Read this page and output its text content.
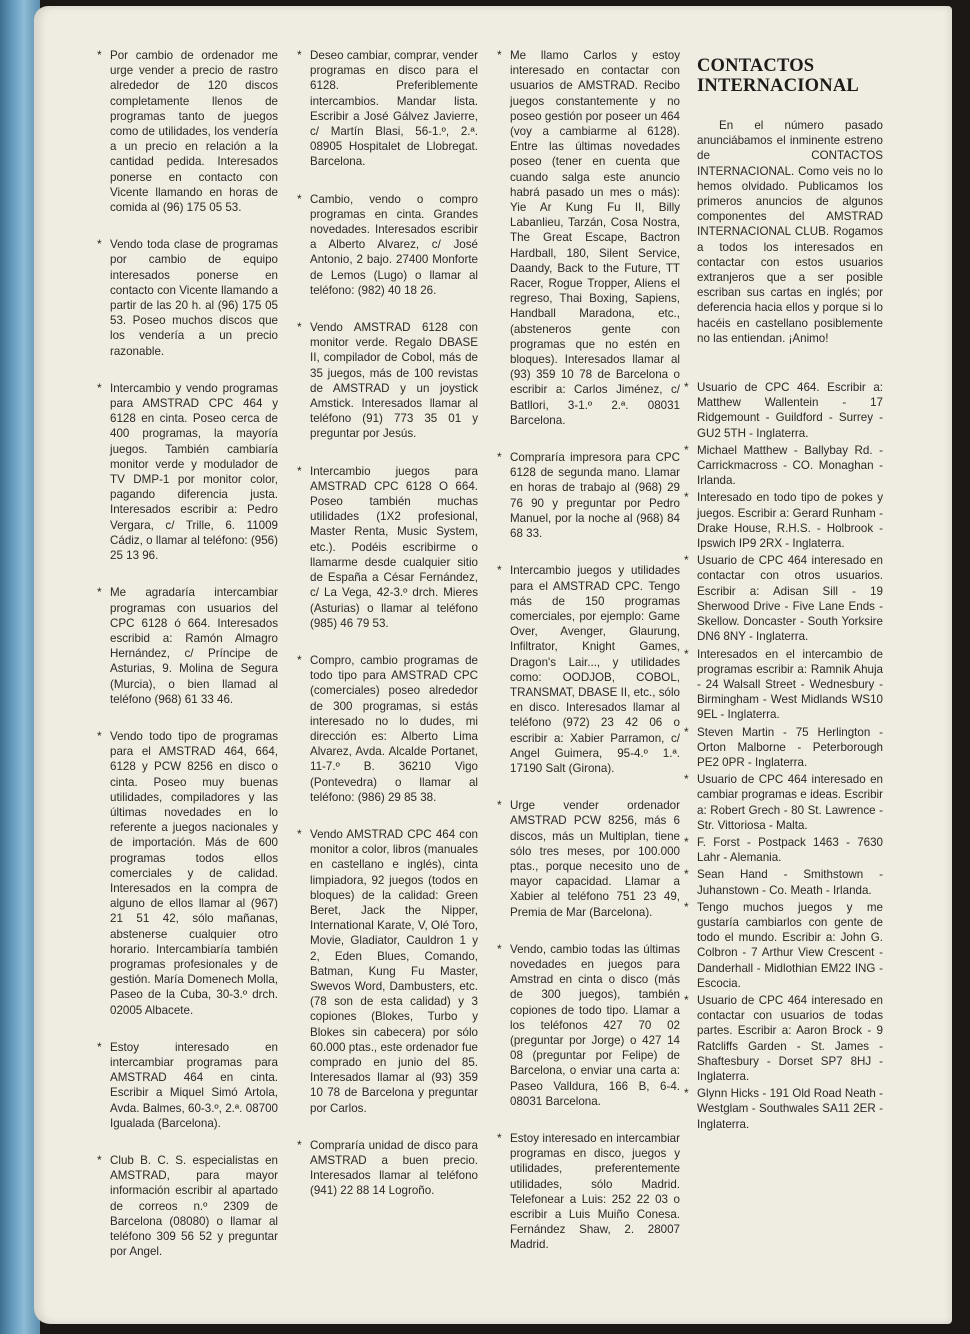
* Por cambio de ordenador me urge vender a precio de rastro alrededor de 120 discos completamente llenos de programas tanto de juegos como de utilidades, los vendería a un precio en relación a la cantidad pedida. Interesados ponerse en contacto con Vicente llamando en horas de comida al (96) 175 05 53.
* Vendo toda clase de programas por cambio de equipo interesados ponerse en contacto con Vicente llamando a partir de las 20 h. al (96) 175 05 53. Poseo muchos discos que los vendería a un precio razonable.
* Intercambio y vendo programas para AMSTRAD CPC 464 y 6128 en cinta. Poseo cerca de 400 programas, la mayoría juegos. También cambiaría monitor verde y modulador de TV DMP-1 por monitor color, pagando diferencia justa. Interesados escribir a: Pedro Vergara, c/ Trille, 6. 11009 Cádiz, o llamar al teléfono: (956) 25 13 96.
* Me agradaría intercambiar programas con usuarios del CPC 6128 ó 664. Interesados escribid a: Ramón Almagro Hernández, c/ Príncipe de Asturias, 9. Molina de Segura (Murcia), o bien llamad al teléfono (968) 61 33 46.
* Vendo todo tipo de programas para el AMSTRAD 464, 664, 6128 y PCW 8256 en disco o cinta. Poseo muy buenas utilidades, compiladores y las últimas novedades en lo referente a juegos nacionales y de importación. Más de 600 programas todos ellos comerciales y de calidad. Interesados en la compra de alguno de ellos llamar al (967) 21 51 42, sólo mañanas, abstenerse cualquier otro horario. Intercambiaría también programas profesionales y de gestión. María Domenech Molla, Paseo de la Cuba, 30-3.º drch. 02005 Albacete.
* Estoy interesado en intercambiar programas para AMSTRAD 464 en cinta. Escribir a Miquel Simó Artola, Avda. Balmes, 60-3.º, 2.ª. 08700 Igualada (Barcelona).
* Club B. C. S. especialistas en AMSTRAD, para mayor información escribir al apartado de correos n.º 2309 de Barcelona (08080) o llamar al teléfono 309 56 52 y preguntar por Angel.
* Deseo cambiar, comprar, vender programas en disco para el 6128. Preferiblemente intercambios. Mandar lista. Escribir a José Gálvez Javierre, c/ Martín Blasi, 56-1.º, 2.ª. 08905 Hospitalet de Llobregat. Barcelona.
* Cambio, vendo o compro programas en cinta. Grandes novedades. Interesados escribir a Alberto Alvarez, c/ José Antonio, 2 bajo. 27400 Monforte de Lemos (Lugo) o llamar al teléfono: (982) 40 18 26.
* Vendo AMSTRAD 6128 con monitor verde. Regalo DBASE II, compilador de Cobol, más de 35 juegos, más de 100 revistas de AMSTRAD y un joystick Amstick. Interesados llamar al teléfono (91) 773 35 01 y preguntar por Jesús.
* Intercambio juegos para AMSTRAD CPC 6128 O 664. Poseo también muchas utilidades (1X2 profesional, Master Renta, Music System, etc.). Podéis escribirme o llamarme desde cualquier sitio de España a César Fernández, c/ La Vega, 42-3.º drch. Mieres (Asturias) o llamar al teléfono (985) 46 79 53.
* Compro, cambio programas de todo tipo para AMSTRAD CPC (comerciales) poseo alrededor de 300 programas, si estás interesado no lo dudes, mi dirección es: Alberto Lima Alvarez, Avda. Alcalde Portanet, 11-7.º B. 36210 Vigo (Pontevedra) o llamar al teléfono: (986) 29 85 38.
* Vendo AMSTRAD CPC 464 con monitor a color, libros (manuales en castellano e inglés), cinta limpiadora, 92 juegos (todos en bloques) de la calidad: Green Beret, Jack the Nipper, International Karate, V, Olé Toro, Movie, Gladiator, Cauldron 1 y 2, Eden Blues, Comando, Batman, Kung Fu Master, Swevos Word, Dambusters, etc. (78 son de esta calidad) y 3 copiones (Blokes, Turbo y Blokes sin cabecera) por sólo 60.000 ptas., este ordenador fue comprado en junio del 85. Interesados llamar al (93) 359 10 78 de Barcelona y preguntar por Carlos.
* Compraría unidad de disco para AMSTRAD a buen precio. Interesados llamar al teléfono (941) 22 88 14 Logroño.
* Me llamo Carlos y estoy interesado en contactar con usuarios de AMSTRAD. Recibo juegos constantemente y no poseo gestión por poseer un 464 (voy a cambiarme al 6128). Entre las últimas novedades poseo (tener en cuenta que cuando salga este anuncio habrá pasado un mes o más): Yie Ar Kung Fu II, Billy Labanlieu, Tarzán, Cosa Nostra, The Great Escape, Bactron Hardball, 180, Silent Service, Daandy, Back to the Future, TT Racer, Rogue Tropper, Aliens el regreso, Thai Boxing, Sapiens, Handball Maradona, etc., (absteneros gente con programas que no estén en bloques). Interesados llamar al (93) 359 10 78 de Barcelona o escribir a: Carlos Jiménez, c/ Batllori, 3-1.º 2.ª. 08031 Barcelona.
* Compraría impresora para CPC 6128 de segunda mano. Llamar en horas de trabajo al (968) 29 76 90 y preguntar por Pedro Manuel, por la noche al (968) 84 68 33.
* Intercambio juegos y utilidades para el AMSTRAD CPC. Tengo más de 150 programas comerciales, por ejemplo: Game Over, Avenger, Glaurung, Infiltrator, Knight Games, Dragon's Lair..., y utilidades como: OODJOB, COBOL, TRANSMAT, DBASE II, etc., sólo en disco. Interesados llamar al teléfono (972) 23 42 06 o escribir a: Xabier Parramon, c/ Angel Guimera, 95-4.º 1.ª. 17190 Salt (Girona).
* Urge vender ordenador AMSTRAD PCW 8256, más 6 discos, más un Multiplan, tiene sólo tres meses, por 100.000 ptas., porque necesito uno de mayor capacidad. Llamar a Xabier al teléfono 751 23 49, Premia de Mar (Barcelona).
* Vendo, cambio todas las últimas novedades en juegos para Amstrad en cinta o disco (más de 300 juegos), también copiones de todo tipo. Llamar a los teléfonos 427 70 02 (preguntar por Jorge) o 427 14 08 (preguntar por Felipe) de Barcelona, o enviar una carta a: Paseo Valldura, 166 B, 6-4. 08031 Barcelona.
* Estoy interesado en intercambiar programas en disco, juegos y utilidades, preferentemente utilidades, sólo Madrid. Telefonear a Luis: 252 22 03 o escribir a Luis Muiño Conesa. Fernández Shaw, 2. 28007 Madrid.
CONTACTOS INTERNACIONAL
En el número pasado anunciábamos el inminente estreno de CONTACTOS INTERNACIONAL. Como veis no lo hemos olvidado. Publicamos los primeros anuncios de algunos componentes del AMSTRAD INTERNACIONAL CLUB. Rogamos a todos los interesados en contactar con estos usuarios extranjeros que a ser posible escriban sus cartas en inglés; por deferencia hacia ellos y porque si lo hacéis en castellano posiblemente no las entiendan. ¡Animo!
* Usuario de CPC 464. Escribir a: Matthew Wallentein - 17 Ridgemount - Guildford - Surrey - GU2 5TH - Inglaterra.
* Michael Matthew - Ballybay Rd. - Carrickmacross - CO. Monaghan - Irlanda.
* Interesado en todo tipo de pokes y juegos. Escribir a: Gerard Runham - Drake House, R.H.S. - Holbrook - Ipswich IP9 2RX - Inglaterra.
* Usuario de CPC 464 interesado en contactar con otros usuarios. Escribir a: Adisan Sill - 19 Sherwood Drive - Five Lane Ends - Skellow. Doncaster - South Yorksire DN6 8NY - Inglaterra.
* Interesados en el intercambio de programas escribir a: Ramnik Ahuja - 24 Walsall Street - Wednesbury - Birmingham - West Midlands WS10 9EL - Inglaterra.
* Steven Martin - 75 Herlington - Orton Malborne - Peterborough PE2 0PR - Inglaterra.
* Usuario de CPC 464 interesado en cambiar programas e ideas. Escribir a: Robert Grech - 80 St. Lawrence - Str. Vittoriosa - Malta.
* F. Forst - Postpack 1463 - 7630 Lahr - Alemania.
* Sean Hand - Smithstown - Juhanstown - Co. Meath - Irlanda.
* Tengo muchos juegos y me gustaría cambiarlos con gente de todo el mundo. Escribir a: John G. Colbron - 7 Arthur View Crescent - Danderhall - Midlothian EM22 ING - Escocia.
* Usuario de CPC 464 interesado en contactar con usuarios de todas partes. Escribir a: Aaron Brock - 9 Ratcliffs Garden - St. James - Shaftesbury - Dorset SP7 8HJ - Inglaterra.
* Glynn Hicks - 191 Old Road Neath - Westglam - Southwales SA11 2ER - Inglaterra.
